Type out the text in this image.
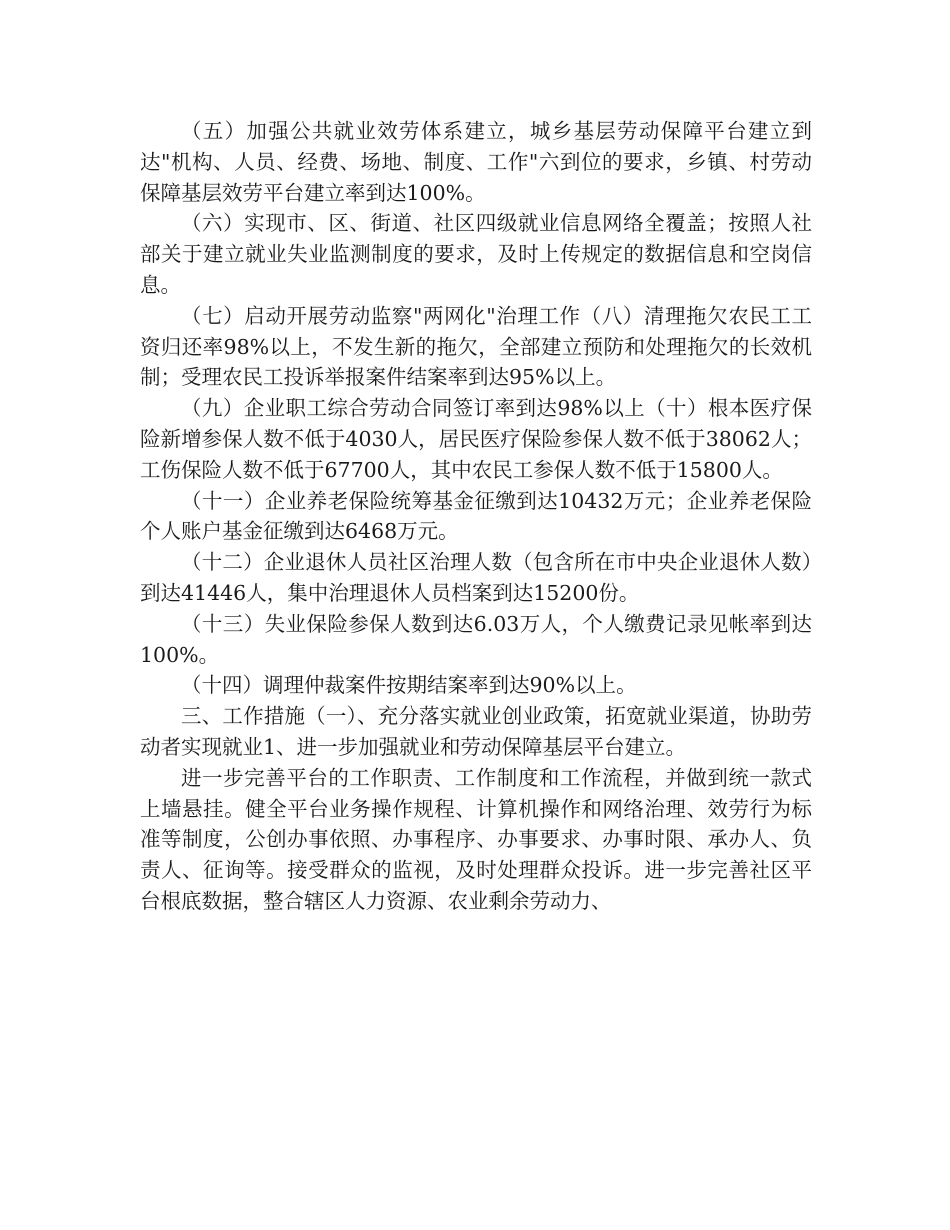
（五）加强公共就业效劳体系建立，城乡基层劳动保障平台建立到达"机构、人员、经费、场地、制度、工作"六到位的要求，乡镇、村劳动保障基层效劳平台建立率到达100%。

（六）实现市、区、街道、社区四级就业信息网络全覆盖；按照人社部关于建立就业失业监测制度的要求，及时上传规定的数据信息和空岗信息。

（七）启动开展劳动监察"两网化"治理工作（八）清理拖欠农民工工资归还率98%以上，不发生新的拖欠，全部建立预防和处理拖欠的长效机制；受理农民工投诉举报案件结案率到达95%以上。

（九）企业职工综合劳动合同签订率到达98%以上（十）根本医疗保险新增参保人数不低于4030人，居民医疗保险参保人数不低于38062人；工伤保险人数不低于67700人，其中农民工参保人数不低于15800人。

（十一）企业养老保险统筹基金征缴到达10432万元；企业养老保险个人账户基金征缴到达6468万元。

（十二）企业退休人员社区治理人数（包含所在市中央企业退休人数）到达41446人，集中治理退休人员档案到达15200份。

（十三）失业保险参保人数到达6.03万人，个人缴费记录见帐率到达100%。

（十四）调理仲裁案件按期结案率到达90%以上。

三、工作措施（一）、充分落实就业创业政策，拓宽就业渠道，协助劳动者实现就业1、进一步加强就业和劳动保障基层平台建立。

进一步完善平台的工作职责、工作制度和工作流程，并做到统一款式上墙悬挂。健全平台业务操作规程、计算机操作和网络治理、效劳行为标准等制度，公创办事依照、办事程序、办事要求、办事时限、承办人、负责人、征询等。接受群众的监视，及时处理群众投诉。进一步完善社区平台根底数据，整合辖区人力资源、农业剩余劳动力、
